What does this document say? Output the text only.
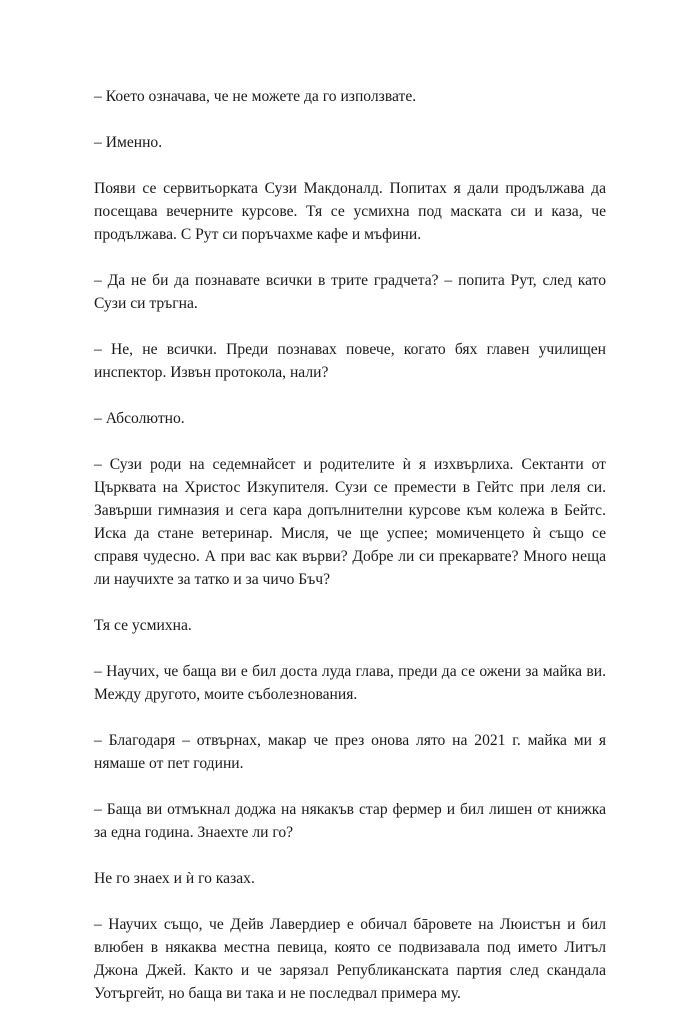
– Което означава, че не можете да го използвате.

– Именно.

Появи се сервитьорката Сузи Макдоналд. Попитах я дали продължава да посещава вечерните курсове. Тя се усмихна под маската си и каза, че продължава. С Рут си поръчахме кафе и мъфини.

– Да не би да познавате всички в трите градчета? – попита Рут, след като Сузи си тръгна.

– Не, не всички. Преди познавах повече, когато бях главен училищен инспектор. Извън протокола, нали?

– Абсолютно.

– Сузи роди на седемнайсет и родителите ѝ я изхвърлиха. Сектанти от Църквата на Христос Изкупителя. Сузи се премести в Гейтс при леля си. Завърши гимназия и сега кара допълнителни курсове към колежа в Бейтс. Иска да стане ветеринар. Мисля, че ще успее; момиченцето ѝ също се справя чудесно. А при вас как върви? Добре ли си прекарвате? Много неща ли научихте за татко и за чичо Бъч?

Тя се усмихна.

– Научих, че баща ви е бил доста луда глава, преди да се ожени за майка ви. Между другото, моите съболезнования.

– Благодаря – отвърнах, макар че през онова лято на 2021 г. майка ми я нямаше от пет години.

– Баща ви отмъкнал доджа на някакъв стар фермер и бил лишен от книжка за една година. Знаехте ли го?

Не го знаех и ѝ го казах.

– Научих също, че Дейв Лавердиер е обичал бāровете на Люистън и бил влюбен в някаква местна певица, която се подвизавала под името Литъл Джона Джей. Както и че зарязал Републиканската партия след скандала Уотъргейт, но баща ви така и не последвал примера му.
